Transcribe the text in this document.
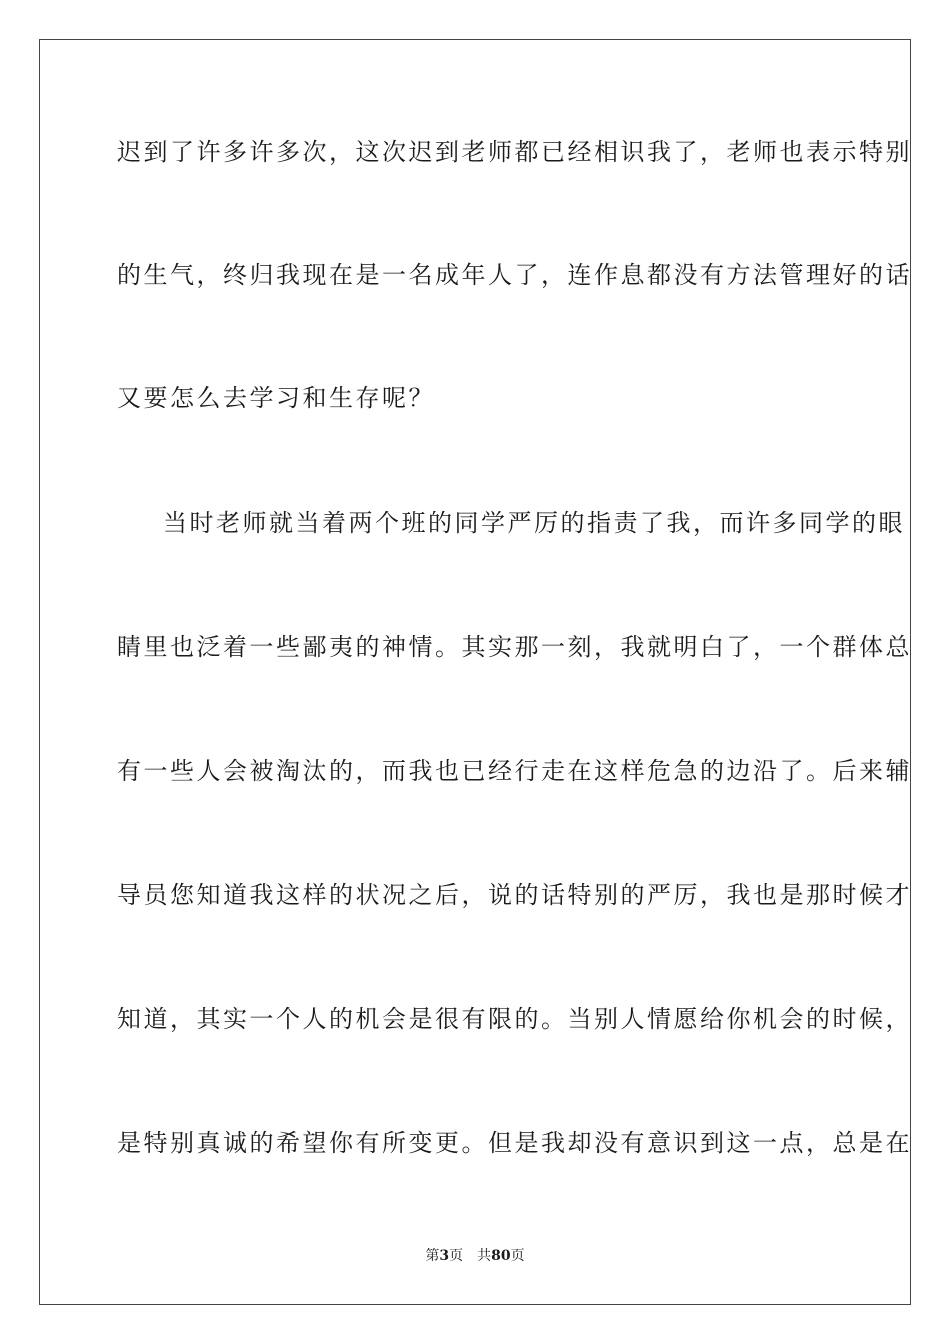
迟到了许多许多次，这次迟到老师都已经相识我了，老师也表示特别
的生气，终归我现在是一名成年人了，连作息都没有方法管理好的话
又要怎么去学习和生存呢？
当时老师就当着两个班的同学严厉的指责了我，而许多同学的眼
睛里也泛着一些鄙夷的神情。其实那一刻，我就明白了，一个群体总
有一些人会被淘汰的，而我也已经行走在这样危急的边沿了。后来辅
导员您知道我这样的状况之后，说的话特别的严厉，我也是那时候才
知道，其实一个人的机会是很有限的。当别人情愿给你机会的时候，
是特别真诚的希望你有所变更。但是我却没有意识到这一点，总是在
第3页 共80页
